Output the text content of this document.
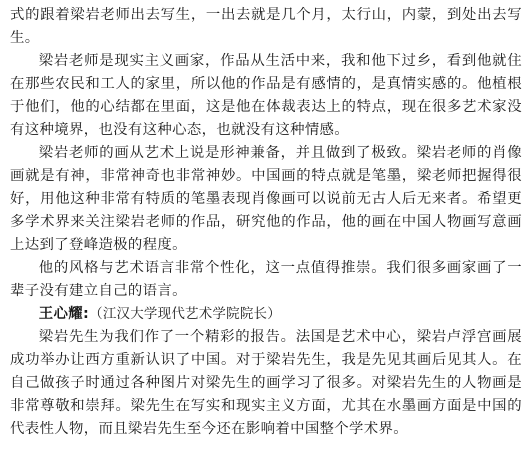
式的跟着梁岩老师出去写生，一出去就是几个月，太行山，内蒙，到处出去写生。

梁岩老师是现实主义画家，作品从生活中来，我和他下过乡，看到他就住在那些农民和工人的家里，所以他的作品是有感情的，是真情实感的。他植根于他们，他的心结都在里面，这是他在体裁表达上的特点，现在很多艺术家没有这种境界，也没有这种心态，也就没有这种情感。

梁岩老师的画从艺术上说是形神兼备，并且做到了极致。梁岩老师的肖像画就是有神，非常神奇也非常神妙。中国画的特点就是笔墨，梁老师把握得很好，用他这种非常有特质的笔墨表现肖像画可以说前无古人后无来者。希望更多学术界来关注梁岩老师的作品，研究他的作品，他的画在中国人物画写意画上达到了登峰造极的程度。

他的风格与艺术语言非常个性化，这一点值得推崇。我们很多画家画了一辈子没有建立自己的语言。

王心耀:（江汉大学现代艺术学院院长）

梁岩先生为我们作了一个精彩的报告。法国是艺术中心，梁岩卢浮宫画展成功举办让西方重新认识了中国。对于梁岩先生，我是先见其画后见其人。在自己做孩子时通过各种图片对梁先生的画学习了很多。对梁岩先生的人物画是非常尊敬和崇拜。梁先生在写实和现实主义方面，尤其在水墨画方面是中国的代表性人物，而且梁岩先生至今还在影响着中国整个学术界。
